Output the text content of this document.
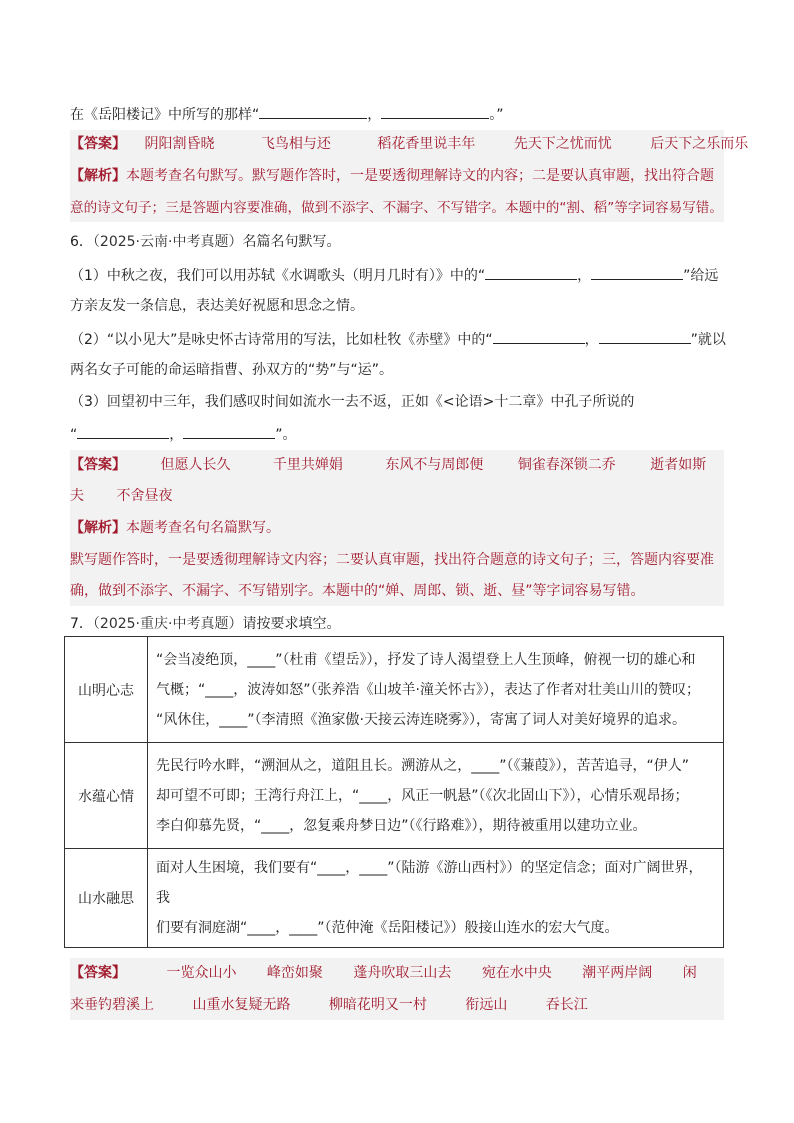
在《岳阳楼记》中所写的那样“	，	。”
【答案】 阴阳割昏晓	飞鸟相与还	稻花香里说丰年	先天下之忧而忧	后天下之乐而乐
【解析】本题考查名句默写。默写题作答时，一是要透彻理解诗文的内容；二是要认真审题，找出符合题
意的诗文句子；三是答题内容要准确，做到不添字、不漏字、不写错字。本题中的“割、稻”等字词容易写错。
6．（2025·云南·中考真题）名篇名句默写。
（1）中秋之夜，我们可以用苏轼《水调歌头（明月几时有）》中的“	，	”给远
方亲友发一条信息，表达美好祝愿和思念之情。
（2）“以小见大”是咏史怀古诗常用的写法，比如杜牧《赤壁》中的“	，	”就以
两名女子可能的命运暗指曹、孙双方的“势”与“运”。
（3）回望初中三年，我们感叹时间如流水一去不返，正如《<论语>十二章》中孔子所说的
“	，	”。
【答案】 但愿人长久	千里共婵娟	东风不与周郎便 铜雀春深锁二乔 逝者如斯
夫 不舍昼夜
【解析】本题考查名句名篇默写。
默写题作答时，一是要透彻理解诗文内容；二要认真审题，找出符合题意的诗文句子；三，答题内容要准
确，做到不添字、不漏字、不写错别字。本题中的“婵、周郎、锁、逝、昼”等字词容易写错。
7．（2025·重庆·中考真题）请按要求填空。
山明心志	“会当凌绝顶，____”（杜甫《望岳》），抒发了诗人渴望登上人生顶峰，俯视一切的雄心和
气概；“____，波涛如怒”（张养浩《山坡羊·潼关怀古》），表达了作者对壮美山川的赞叹；
“风休住，____”（李清照《渔家傲·天接云涛连晓雾》），寄寓了词人对美好境界的追求。

水蕴心情	先民行吟水畔，“溯洄从之，道阻且长。溯游从之，____”（《蒹葭》），苦苦追寻，“伊人”
却可望不可即；王湾行舟江上，“____，风正一帆悬”（《次北固山下》），心情乐观昂扬；
李白仰慕先贤，“____，忽复乘舟梦日边”（《行路难》），期待被重用以建功立业。

山水融思	面对人生困境，我们要有“____，____”（陆游《游山西村》）的坚定信念；面对广阔世界，我
们要有洞庭湖“____，____”（范仲淹《岳阳楼记》）般接山连水的宏大气度。
【答案】	一览众山小 峰峦如聚 蓬舟吹取三山去 宛在水中央 潮平两岸阔 闲
来垂钓碧溪上	山重水复疑无路	柳暗花明又一村	衔远山	吞长江
